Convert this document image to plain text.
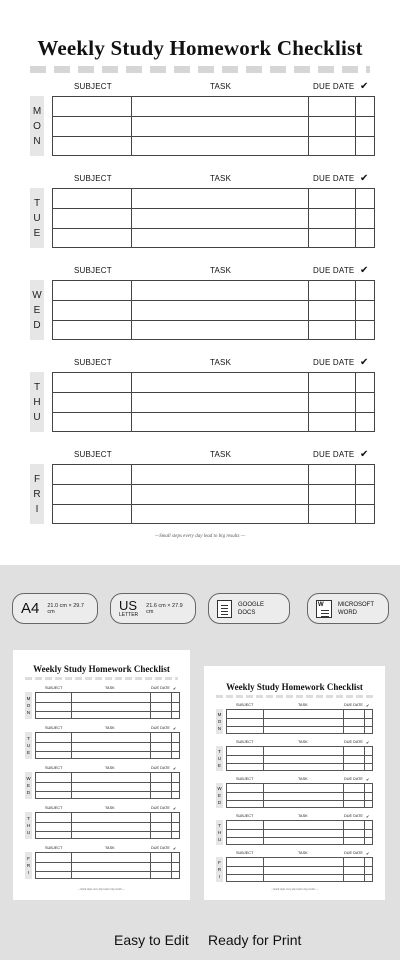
Weekly Study Homework Checklist
SUBJECT	TASK	DUE DATE ✔
M
O
N
SUBJECT	TASK	DUE DATE ✔
T
U
E
SUBJECT	TASK	DUE DATE ✔
W
E
D
SUBJECT	TASK	DUE DATE ✔
T
H
U
SUBJECT	TASK	DUE DATE ✔
F
R
I
—Small steps every day lead to big results —
A4 21.0 cm × 29.7 cm	US
LETTER
21.6 cm × 27.9 cm
GOOGLE
DOCS
W MICROSOFT
WORD
Weekly Study Homework Checklist
SUBJECT	TASK	DUE DATE ✔
M
O
N
SUBJECT	TASK	DUE DATE ✔
T
U
E
SUBJECT	TASK	DUE DATE ✔
W
E
D
SUBJECT	TASK	DUE DATE ✔
T
H
U
SUBJECT	TASK	DUE DATE ✔
F
R
I
—Small steps every day lead to big results —
Weekly Study Homework Checklist
SUBJECT	TASK	DUE DATE ✔
M
O
N
SUBJECT	TASK	DUE DATE ✔
T
U
E
SUBJECT	TASK	DUE DATE ✔
W
E
D
SUBJECT	TASK	DUE DATE ✔
T
H
U
SUBJECT	TASK	DUE DATE ✔
F
R
I
—Small steps every day lead to big results —
Easy to Edit Ready for Print
